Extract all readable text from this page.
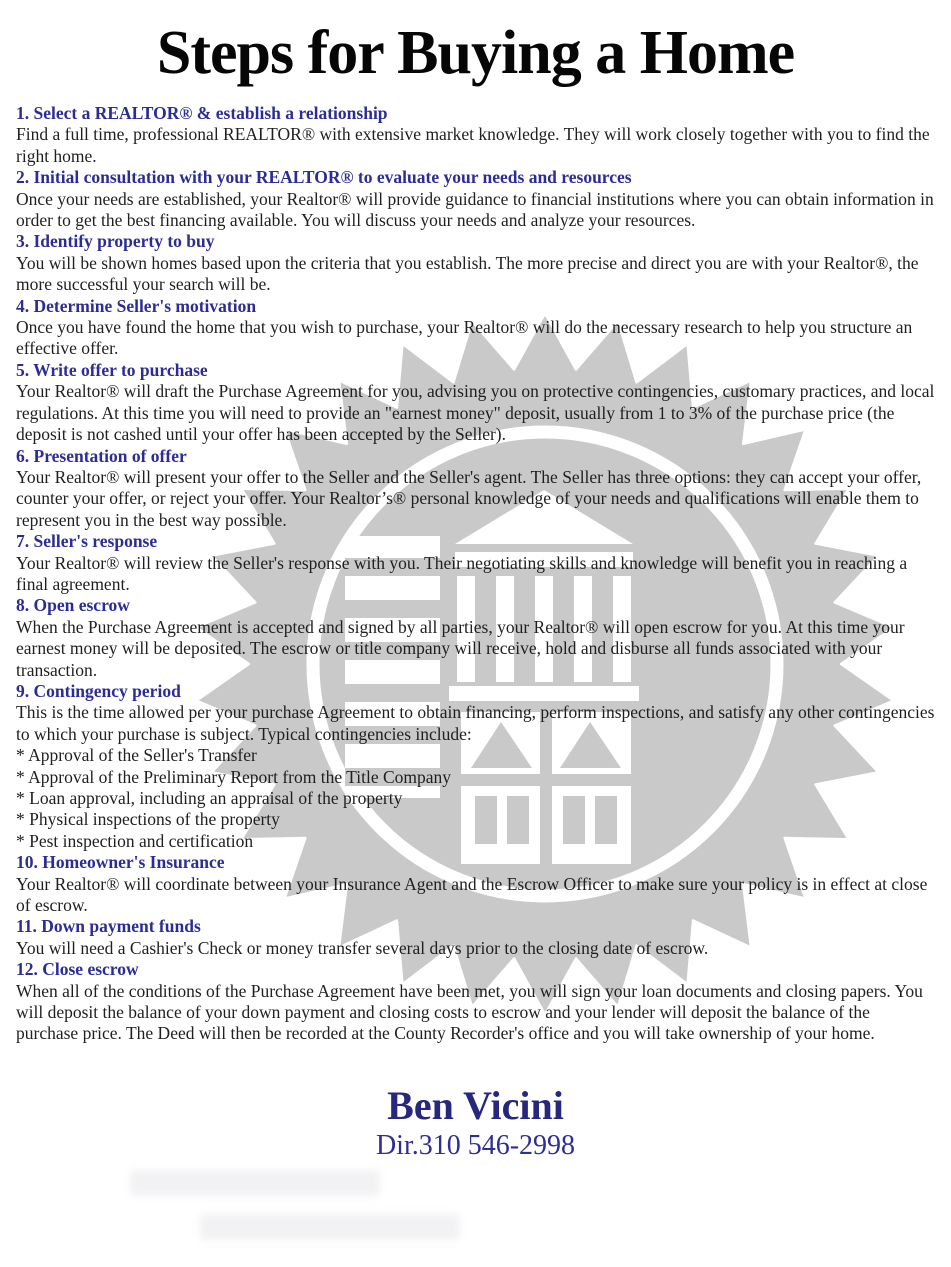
Steps for Buying a Home
1. Select a REALTOR® & establish a relationship

Find a full time, professional REALTOR® with extensive market knowledge. They will work closely together with you to find the right home.

2. Initial consultation with your REALTOR® to evaluate your needs and resources

Once your needs are established, your Realtor® will provide guidance to financial institutions where you can obtain information in order to get the best financing available. You will discuss your needs and analyze your resources.

3. Identify property to buy

You will be shown homes based upon the criteria that you establish. The more precise and direct you are with your Realtor®, the more successful your search will be.

4. Determine Seller's motivation

Once you have found the home that you wish to purchase, your Realtor® will do the necessary research to help you structure an effective offer.

5. Write offer to purchase

Your Realtor® will draft the Purchase Agreement for you, advising you on protective contingencies, customary practices, and local regulations. At this time you will need to provide an "earnest money" deposit, usually from 1 to 3% of the purchase price (the deposit is not cashed until your offer has been accepted by the Seller).

6. Presentation of offer

Your Realtor® will present your offer to the Seller and the Seller's agent. The Seller has three options: they can accept your offer, counter your offer, or reject your offer. Your Realtor’s® personal knowledge of your needs and qualifications will enable them to represent you in the best way possible.

7. Seller's response

Your Realtor® will review the Seller's response with you. Their negotiating skills and knowledge will benefit you in reaching a final agreement.

8. Open escrow

When the Purchase Agreement is accepted and signed by all parties, your Realtor® will open escrow for you. At this time your earnest money will be deposited. The escrow or title company will receive, hold and disburse all funds associated with your transaction.

9. Contingency period

This is the time allowed per your purchase Agreement to obtain financing, perform inspections, and satisfy any other contingencies to which your purchase is subject. Typical contingencies include:

* Approval of the Seller's Transfer

* Approval of the Preliminary Report from the Title Company

* Loan approval, including an appraisal of the property

* Physical inspections of the property

* Pest inspection and certification

10. Homeowner's Insurance

Your Realtor® will coordinate between your Insurance Agent and the Escrow Officer to make sure your policy is in effect at close of escrow.

11. Down payment funds

You will need a Cashier's Check or money transfer several days prior to the closing date of escrow.

12. Close escrow

When all of the conditions of the Purchase Agreement have been met, you will sign your loan documents and closing papers. You will deposit the balance of your down payment and closing costs to escrow and your lender will deposit the balance of the purchase price. The Deed will then be recorded at the County Recorder's office and you will take ownership of your home.

Ben Vicini
Dir.310 546-2998
